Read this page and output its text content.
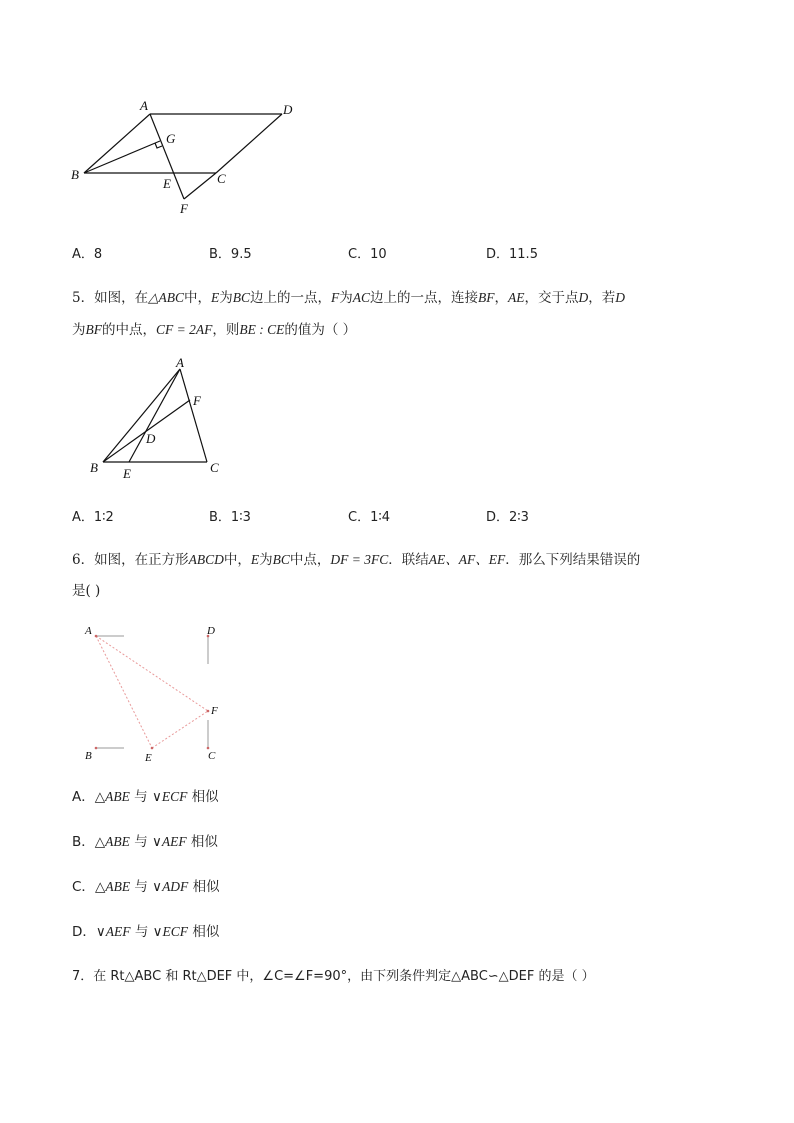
A	D
G
B
E	C
F
A．8	B．9.5	C．10	D．11.5
5．如图，在△ABC中，E为BC边上的一点，F为AC边上的一点，连接BF，AE，交于点D，若D
为BF的中点，CF = 2AF，则BE : CE的值为（ ）
A
F
D
B E	C
A．1∶2	B．1∶3	C．1∶4	D．2∶3
6．如图，在正方形ABCD中，E为BC中点，DF = 3FC．联结AE、AF、EF．那么下列结果错误的
是( )
A	D
F
B	E	C
A．△ABE 与 ∨ECF 相似
B．△ABE 与 ∨AEF 相似
C．△ABE 与 ∨ADF 相似
D．∨AEF 与 ∨ECF 相似
7．在 Rt△ABC 和 Rt△DEF 中，∠C=∠F=90°，由下列条件判定△ABC∽△DEF 的是（ ）
